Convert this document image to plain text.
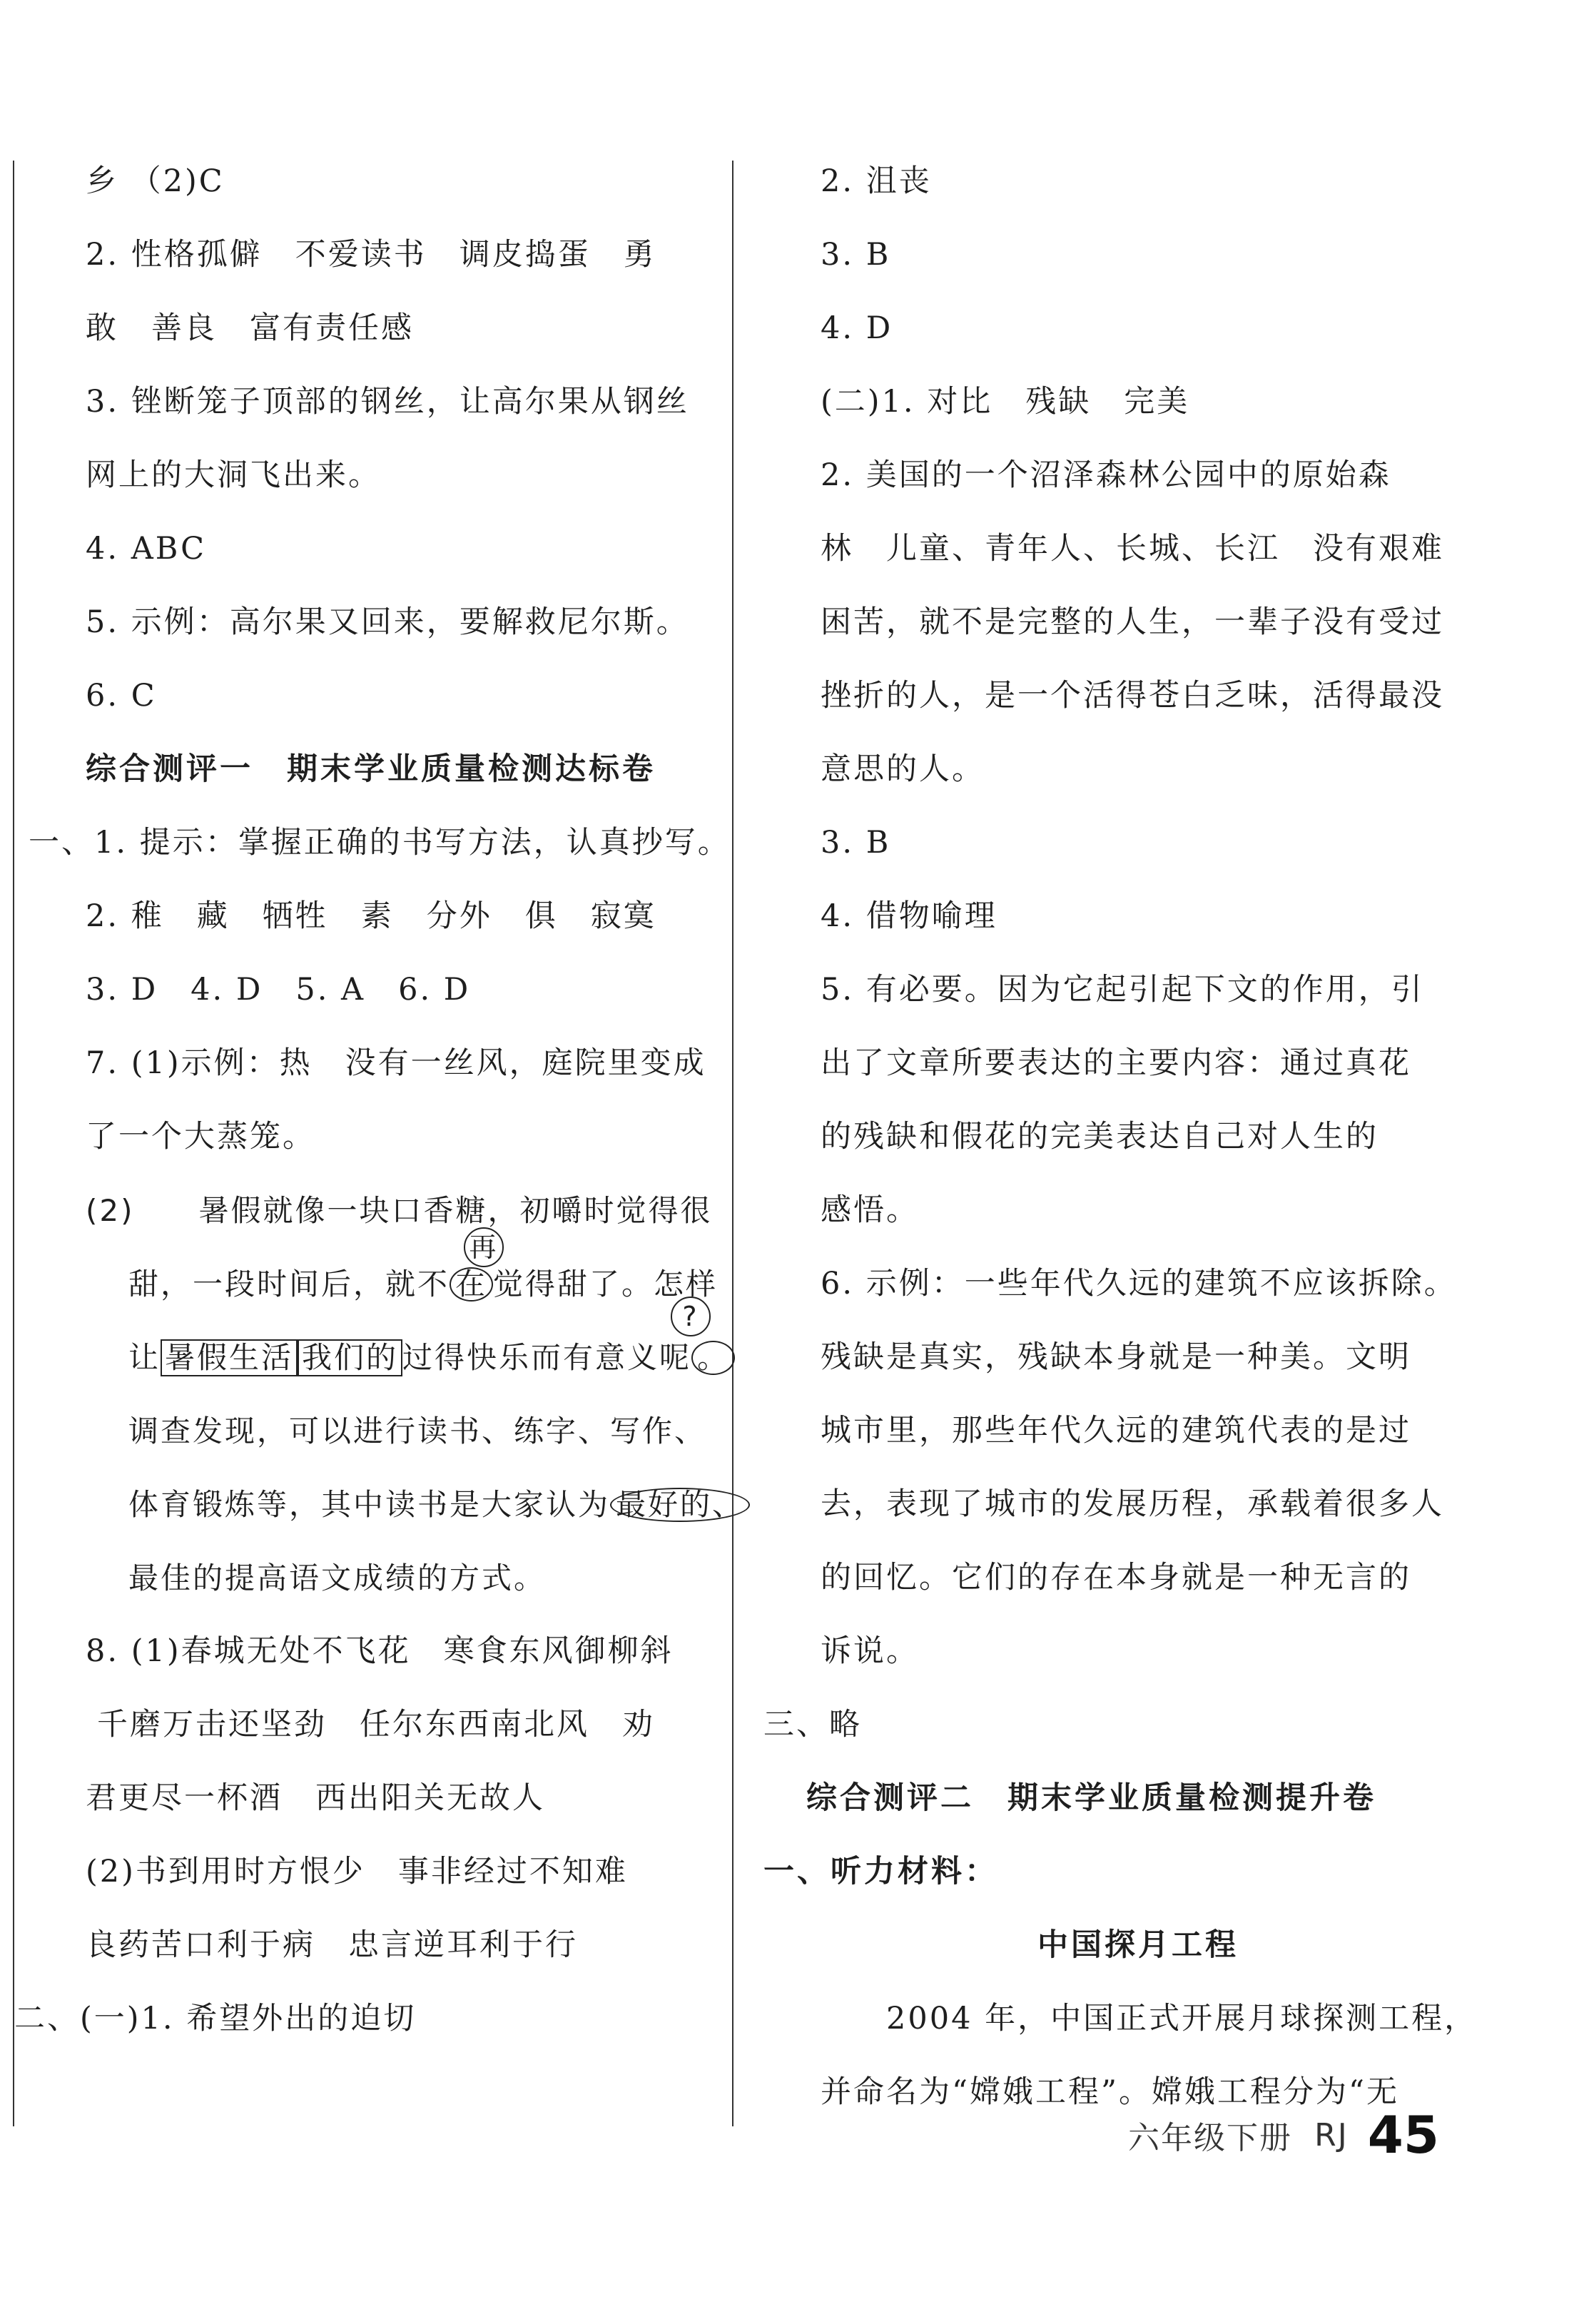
乡 （2)C
2. 性格孤僻　不爱读书　调皮捣蛋　勇
敢　善良　富有责任感
3. 锉断笼子顶部的钢丝，让高尔果从钢丝
网上的大洞飞出来。
4. ABC
5. 示例：高尔果又回来，要解救尼尔斯。
6. C
综合测评一　期末学业质量检测达标卷
一、1. 提示：掌握正确的书写方法，认真抄写。
2. 稚　藏　牺牲　素　分外　俱　寂寞
3. D　4. D　5. A　6. D
7. (1)示例：热　没有一丝风，庭院里变成
了一个大蒸笼。
(2)　　暑假就像一块口香糖，初嚼时觉得很
甜，一段时间后，就不 在 觉得甜了。怎样
再
让 暑假生活 我们的 过得快乐而有意义呢 。
?
调查发现，可以进行读书、练字、写作、
体育锻炼等，其中读书是大家认为 最好的、
最佳的提高语文成绩的方式。
8. (1)春城无处不飞花　寒食东风御柳斜
千磨万击还坚劲　任尔东西南北风　劝
君更尽一杯酒　西出阳关无故人
(2)书到用时方恨少　事非经过不知难
良药苦口利于病　忠言逆耳利于行
二、(一)1. 希望外出的迫切
2. 沮丧
3. B
4. D
(二)1. 对比　残缺　完美
2. 美国的一个沼泽森林公园中的原始森
林　儿童、青年人、长城、长江　没有艰难
困苦，就不是完整的人生，一辈子没有受过
挫折的人，是一个活得苍白乏味，活得最没
意思的人。
3. B
4. 借物喻理
5. 有必要。因为它起引起下文的作用，引
出了文章所要表达的主要内容：通过真花
的残缺和假花的完美表达自己对人生的
感悟。
6. 示例：一些年代久远的建筑不应该拆除。
残缺是真实，残缺本身就是一种美。文明
城市里，那些年代久远的建筑代表的是过
去，表现了城市的发展历程，承载着很多人
的回忆。它们的存在本身就是一种无言的
诉说。
三、略
综合测评二　期末学业质量检测提升卷
一、听力材料：
中国探月工程
　　2004 年，中国正式开展月球探测工程，
并命名为“嫦娥工程”。嫦娥工程分为“无
六年级下册 RJ 45
